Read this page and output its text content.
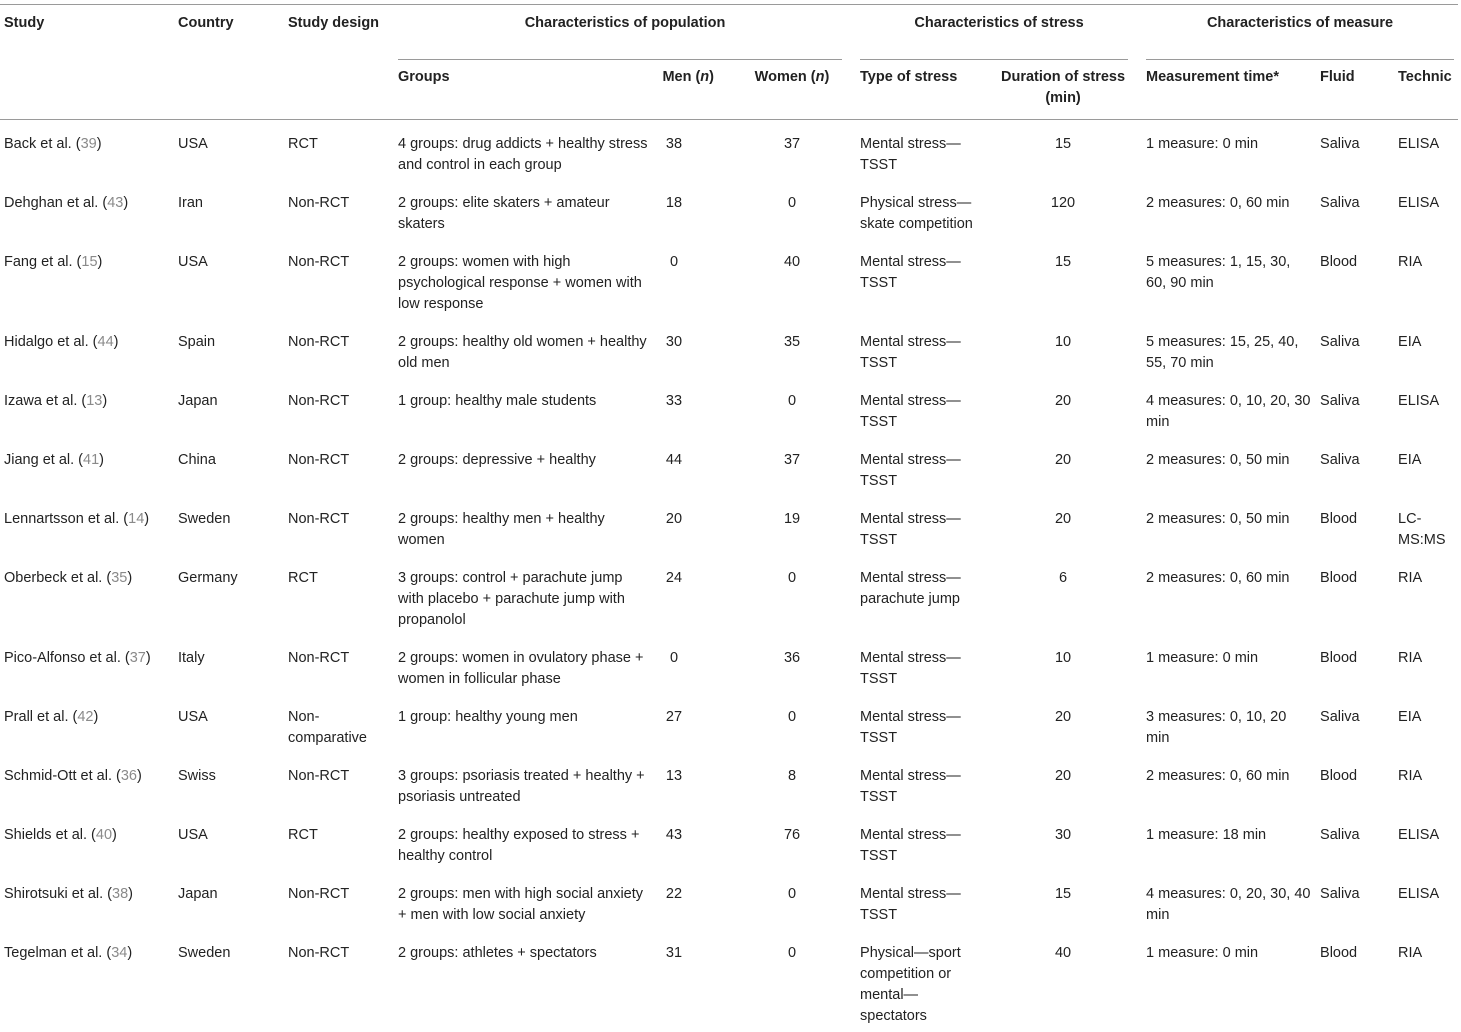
Study	Country	Study design	Characteristics of population			Characteristics of stress		Characteristics of measure		

			Groups	Men (n)	Women (n)	Type of stress	Duration of stress (min)	Measurement time*	Fluid	Technic
Back et al. (39)	USA	RCT	4 groups: drug addicts + healthy stress and control in each group	38	37	Mental stress—TSST	15	1 measure: 0 min	Saliva	ELISA
Dehghan et al. (43)	Iran	Non-RCT	2 groups: elite skaters + amateur skaters	18	0	Physical stress—skate competition	120	2 measures: 0, 60 min	Saliva	ELISA
Fang et al. (15)	USA	Non-RCT	2 groups: women with high psychological response + women with low response	0	40	Mental stress—TSST	15	5 measures: 1, 15, 30, 60, 90 min	Blood	RIA
Hidalgo et al. (44)	Spain	Non-RCT	2 groups: healthy old women + healthy old men	30	35	Mental stress—TSST	10	5 measures: 15, 25, 40, 55, 70 min	Saliva	EIA
Izawa et al. (13)	Japan	Non-RCT	1 group: healthy male students	33	0	Mental stress—TSST	20	4 measures: 0, 10, 20, 30 min	Saliva	ELISA
Jiang et al. (41)	China	Non-RCT	2 groups: depressive + healthy	44	37	Mental stress—TSST	20	2 measures: 0, 50 min	Saliva	EIA
Lennartsson et al. (14)	Sweden	Non-RCT	2 groups: healthy men + healthy women	20	19	Mental stress—TSST	20	2 measures: 0, 50 min	Blood	LC-MS:MS
Oberbeck et al. (35)	Germany	RCT	3 groups: control + parachute jump with placebo + parachute jump with propanolol	24	0	Mental stress—parachute jump	6	2 measures: 0, 60 min	Blood	RIA
Pico-Alfonso et al. (37)	Italy	Non-RCT	2 groups: women in ovulatory phase + women in follicular phase	0	36	Mental stress—TSST	10	1 measure: 0 min	Blood	RIA
Prall et al. (42)	USA	Non-comparative	1 group: healthy young men	27	0	Mental stress—TSST	20	3 measures: 0, 10, 20 min	Saliva	EIA
Schmid-Ott et al. (36)	Swiss	Non-RCT	3 groups: psoriasis treated + healthy + psoriasis untreated	13	8	Mental stress—TSST	20	2 measures: 0, 60 min	Blood	RIA
Shields et al. (40)	USA	RCT	2 groups: healthy exposed to stress + healthy control	43	76	Mental stress—TSST	30	1 measure: 18 min	Saliva	ELISA
Shirotsuki et al. (38)	Japan	Non-RCT	2 groups: men with high social anxiety + men with low social anxiety	22	0	Mental stress—TSST	15	4 measures: 0, 20, 30, 40 min	Saliva	ELISA
Tegelman et al. (34)	Sweden	Non-RCT	2 groups: athletes + spectators	31	0	Physical—sport competition or mental—spectators	40	1 measure: 0 min	Blood	RIA
